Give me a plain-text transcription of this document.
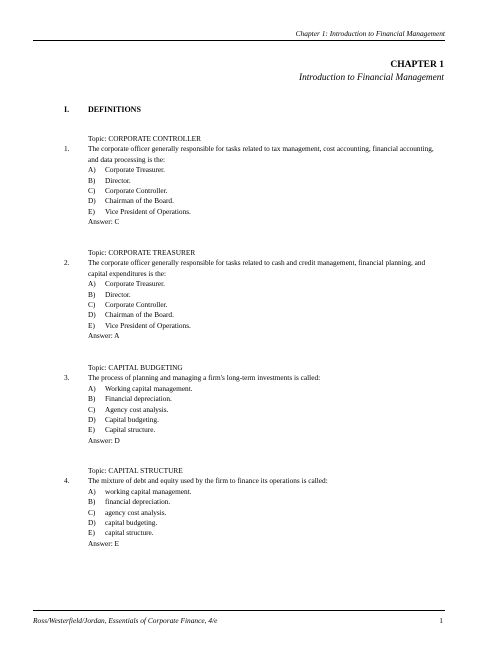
Chapter 1: Introduction to Financial Management
CHAPTER 1
Introduction to Financial Management
I. DEFINITIONS
Topic: CORPORATE CONTROLLER
1.	The corporate officer generally responsible for tasks related to tax management, cost accounting, financial accounting, and data processing is the:
A)	Corporate Treasurer.
B)	Director.
C)	Corporate Controller.
D)	Chairman of the Board.
E)	Vice President of Operations.
Answer: C
Topic: CORPORATE TREASURER
2.	The corporate officer generally responsible for tasks related to cash and credit management, financial planning, and capital expenditures is the:
A)	Corporate Treasurer.
B)	Director.
C)	Corporate Controller.
D)	Chairman of the Board.
E)	Vice President of Operations.
Answer: A
Topic: CAPITAL BUDGETING
3.	The process of planning and managing a firm's long-term investments is called:
A)	Working capital management.
B)	Financial depreciation.
C)	Agency cost analysis.
D)	Capital budgeting.
E)	Capital structure.
Answer: D
Topic: CAPITAL STRUCTURE
4.	The mixture of debt and equity used by the firm to finance its operations is called:
A)	working capital management.
B)	financial depreciation.
C)	agency cost analysis.
D)	capital budgeting.
E)	capital structure.
Answer: E
Ross/Westerfield/Jordan, Essentials of Corporate Finance, 4/e	1
